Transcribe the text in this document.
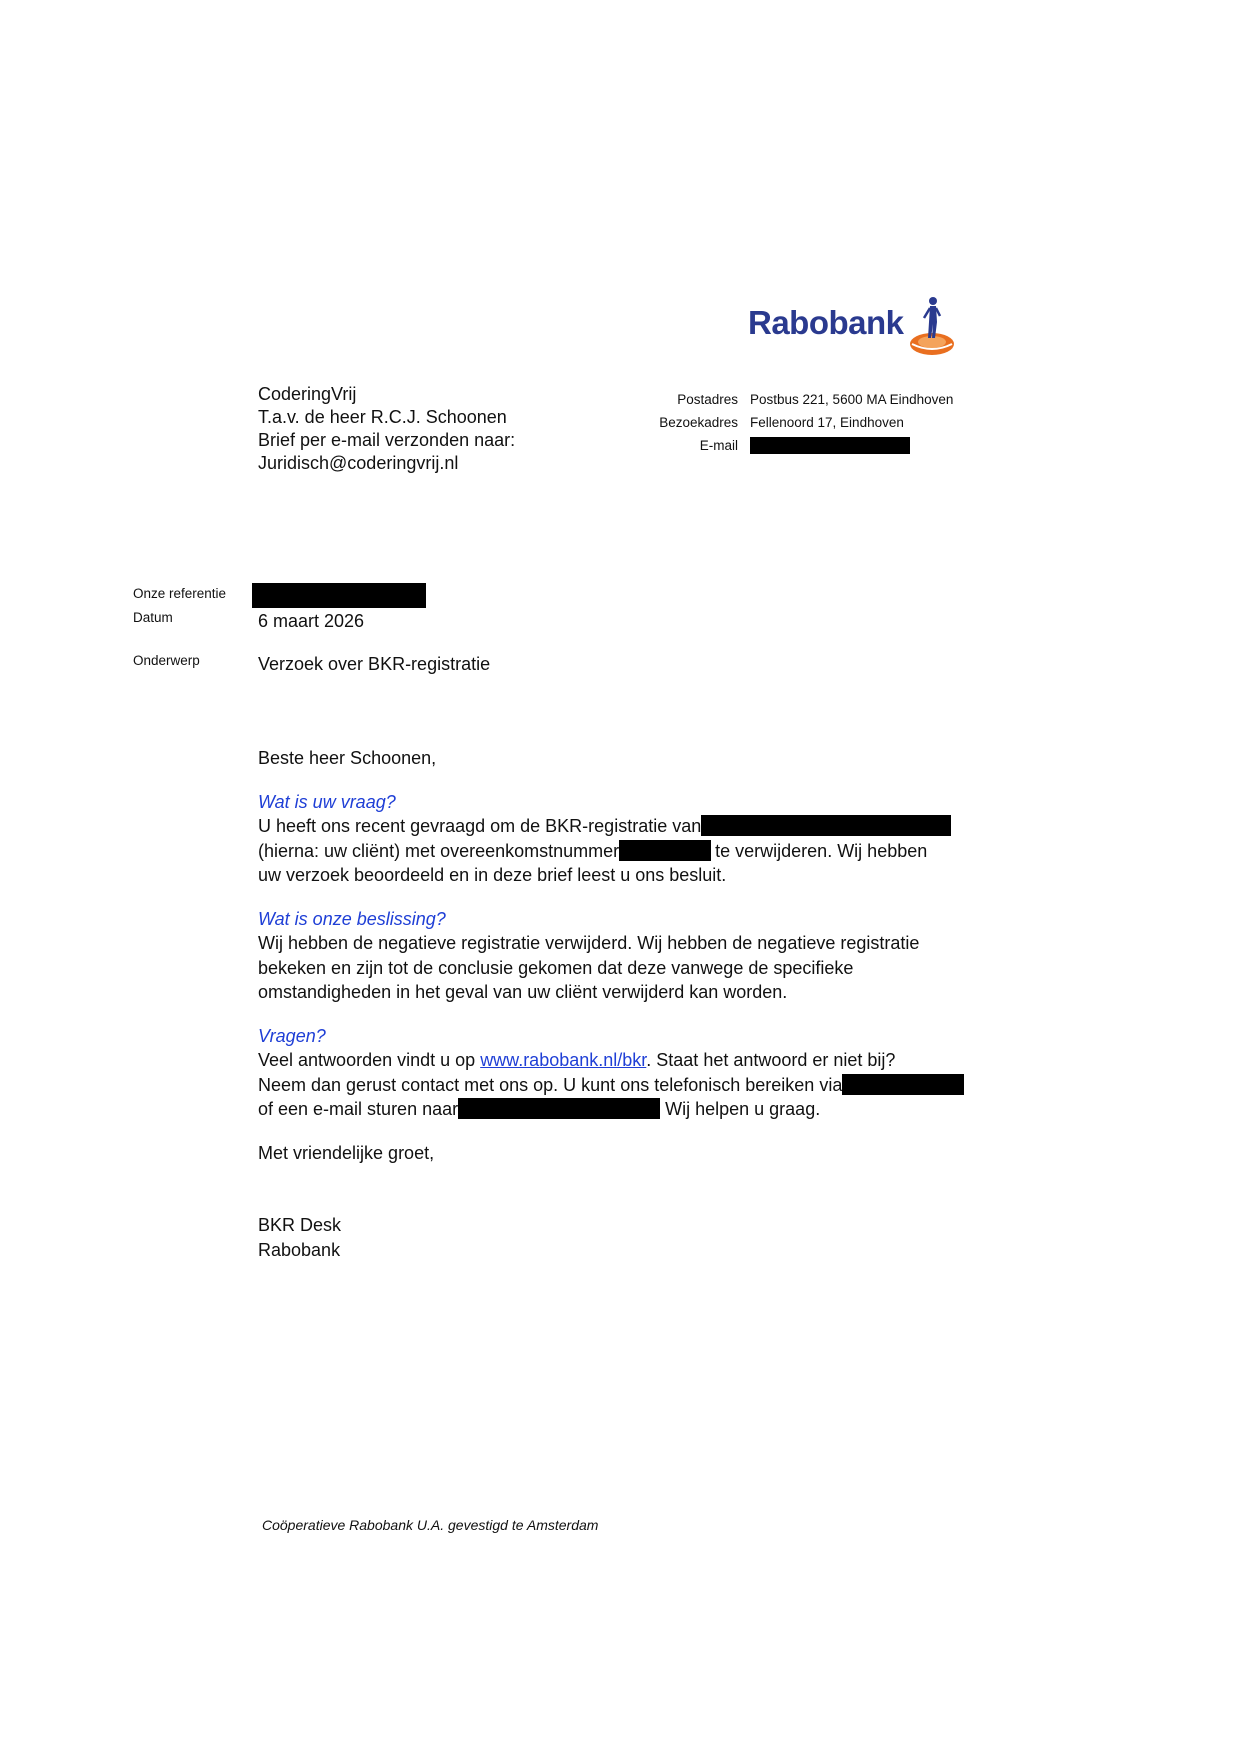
Rabobank
CoderingVrij
T.a.v. de heer R.C.J. Schoonen
Brief per e-mail verzonden naar:
Juridisch@coderingvrij.nl
Postadres Postbus 221, 5600 MA Eindhoven
Bezoekadres Fellenoord 17, Eindhoven
E-mail
Onze referentie
Datum	6 maart 2026
Onderwerp	Verzoek over BKR-registratie
Beste heer Schoonen,
Wat is uw vraag?
U heeft ons recent gevraagd om de BKR-registratie van
(hierna: uw cliënt) met overeenkomstnummer	te verwijderen. Wij hebben
uw verzoek beoordeeld en in deze brief leest u ons besluit.
Wat is onze beslissing?
Wij hebben de negatieve registratie verwijderd. Wij hebben de negatieve registratie
bekeken en zijn tot de conclusie gekomen dat deze vanwege de specifieke
omstandigheden in het geval van uw cliënt verwijderd kan worden.
Vragen?
Veel antwoorden vindt u op www.rabobank.nl/bkr. Staat het antwoord er niet bij?
Neem dan gerust contact met ons op. U kunt ons telefonisch bereiken via
of een e-mail sturen naar	Wij helpen u graag.
Met vriendelijke groet,
BKR Desk
Rabobank
Coöperatieve Rabobank U.A. gevestigd te Amsterdam
